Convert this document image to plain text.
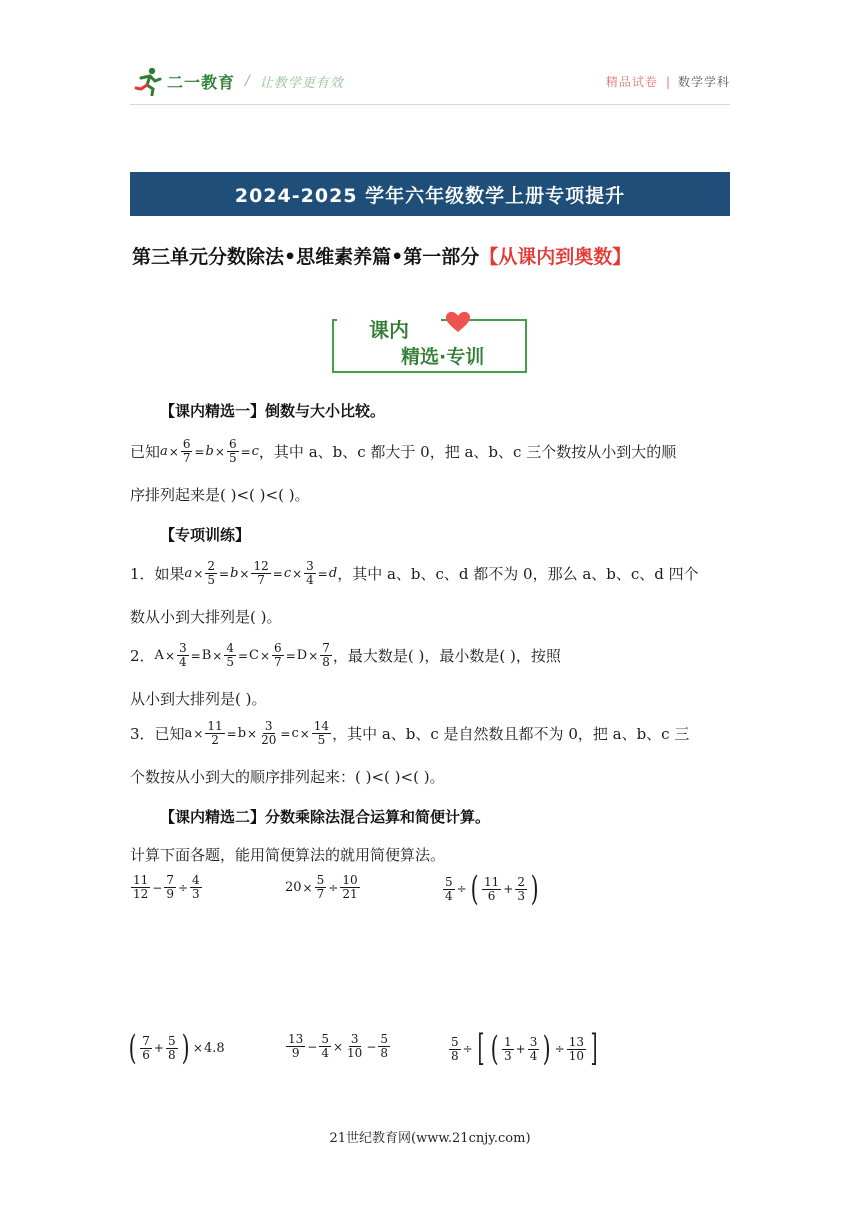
二一教育 / 让教学更有效	精品试卷 | 数学学科
2024-2025 学年六年级数学上册专项提升
第三单元分数除法•思维素养篇•第一部分【从课内到奥数】
课内
精选·专训
【课内精选一】倒数与大小比较。
已知 $a \times \frac{6}{7} = b \times \frac{6}{5} = c$ ，其中 a、b、c 都大于 0，把 a、b、c 三个数按从小到大的顺
序排列起来是( )<( )<( )。
【专项训练】
1．如果 $a \times \frac{2}{5} = b \times \frac{12}{7} = c \times \frac{3}{4} = d$ ，其中 a、b、c、d 都不为 0，那么 a、b、c、d 四个
数从小到大排列是( )。
2． $A \times \frac{3}{4} = B \times \frac{4}{5} = C \times \frac{6}{7} = D \times \frac{7}{8}$ ，最大数是( )，最小数是( )，按照
从小到大排列是( )。
3．已知 $a \times \frac{11}{2} = b \times \frac{3}{20} = c \times \frac{14}{5}$ ，其中 a、b、c 是自然数且都不为 0，把 a、b、c 三
个数按从小到大的顺序排列起来：( )<( )<( )。
【课内精选二】分数乘除法混合运算和简便计算。
计算下面各题，能用简便算法的就用简便算法。
$\frac{11}{12} - \frac{7}{9} \div \frac{4}{3}$	$20 \times \frac{5}{7} \div \frac{10}{21}$	$\frac{5}{4}$ ÷ ( $\frac{11}{6} + \frac{2}{3}$ )
( $\frac{7}{6} + \frac{5}{8}$ ) × 4.8	$\frac{13}{9} - \frac{5}{4} \times \frac{3}{10} - \frac{5}{8}$	$\frac{5}{8}$ ÷ [ ( $\frac{1}{3} + \frac{3}{4}$ ) ÷ $\frac{13}{10}$ ]
21世纪教育网(www.21cnjy.com)
